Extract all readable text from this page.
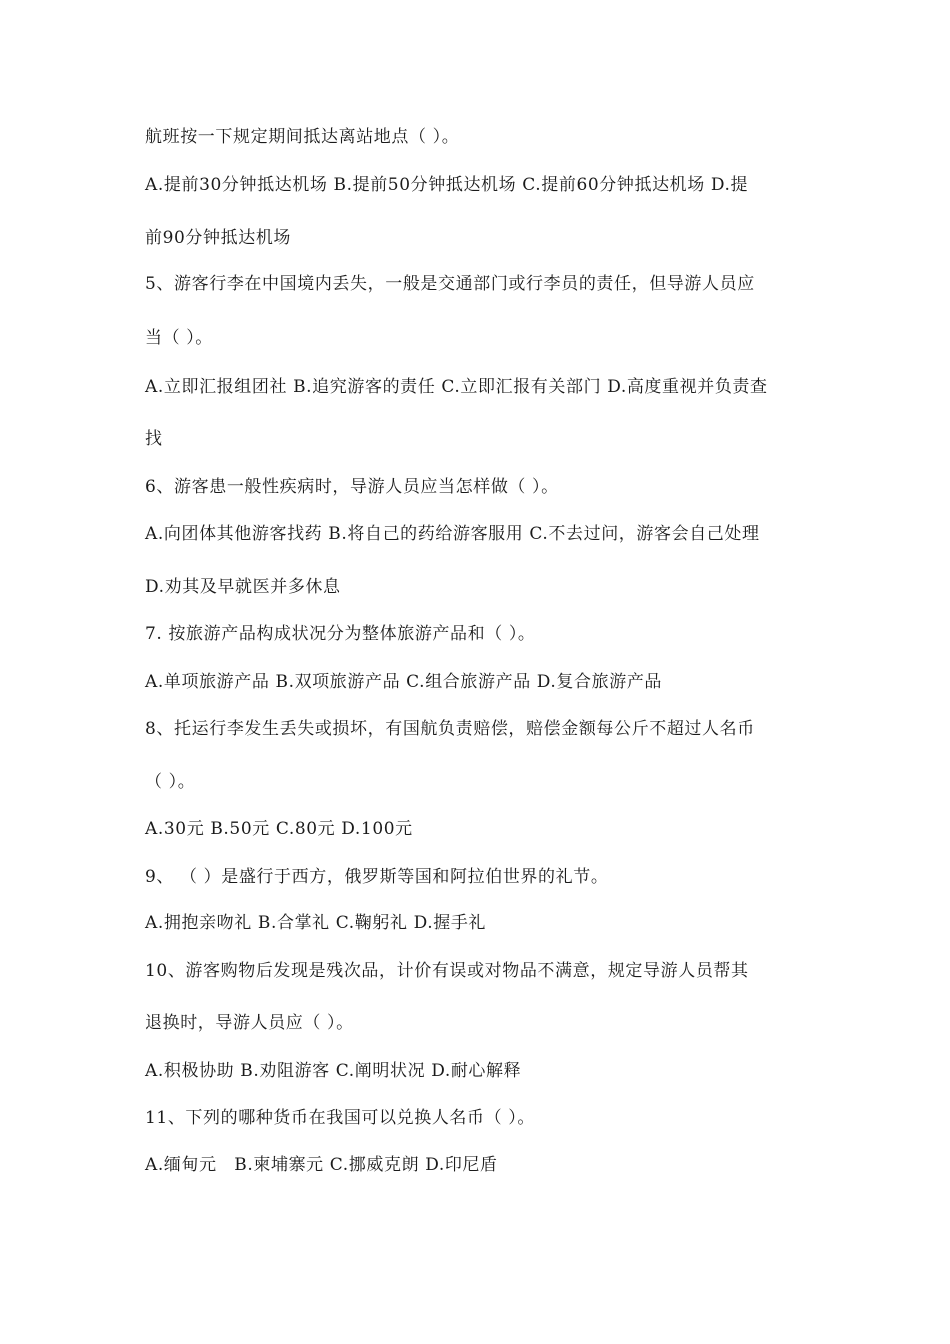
航班按一下规定期间抵达离站地点（ ）。
A.提前30分钟抵达机场 B.提前50分钟抵达机场 C.提前60分钟抵达机场 D.提
前90分钟抵达机场
5、游客行李在中国境内丢失，一般是交通部门或行李员的责任，但导游人员应
当（ ）。
A.立即汇报组团社 B.追究游客的责任 C.立即汇报有关部门 D.高度重视并负责查
找
6、游客患一般性疾病时，导游人员应当怎样做（ ）。
A.向团体其他游客找药 B.将自己的药给游客服用 C.不去过问，游客会自己处理
D.劝其及早就医并多休息
7. 按旅游产品构成状况分为整体旅游产品和（ ）。
A.单项旅游产品 B.双项旅游产品 C.组合旅游产品 D.复合旅游产品
8、托运行李发生丢失或损坏，有国航负责赔偿，赔偿金额每公斤不超过人名币
（ ）。
A.30元 B.50元 C.80元 D.100元
9、 （ ）是盛行于西方，俄罗斯等国和阿拉伯世界的礼节。
A.拥抱亲吻礼 B.合掌礼 C.鞠躬礼 D.握手礼
10、游客购物后发现是残次品，计价有误或对物品不满意，规定导游人员帮其
退换时，导游人员应（ ）。
A.积极协助 B.劝阻游客 C.阐明状况 D.耐心解释
11、下列的哪种货币在我国可以兑换人名币（ ）。
A.缅甸元　B.柬埔寨元 C.挪威克朗 D.印尼盾
